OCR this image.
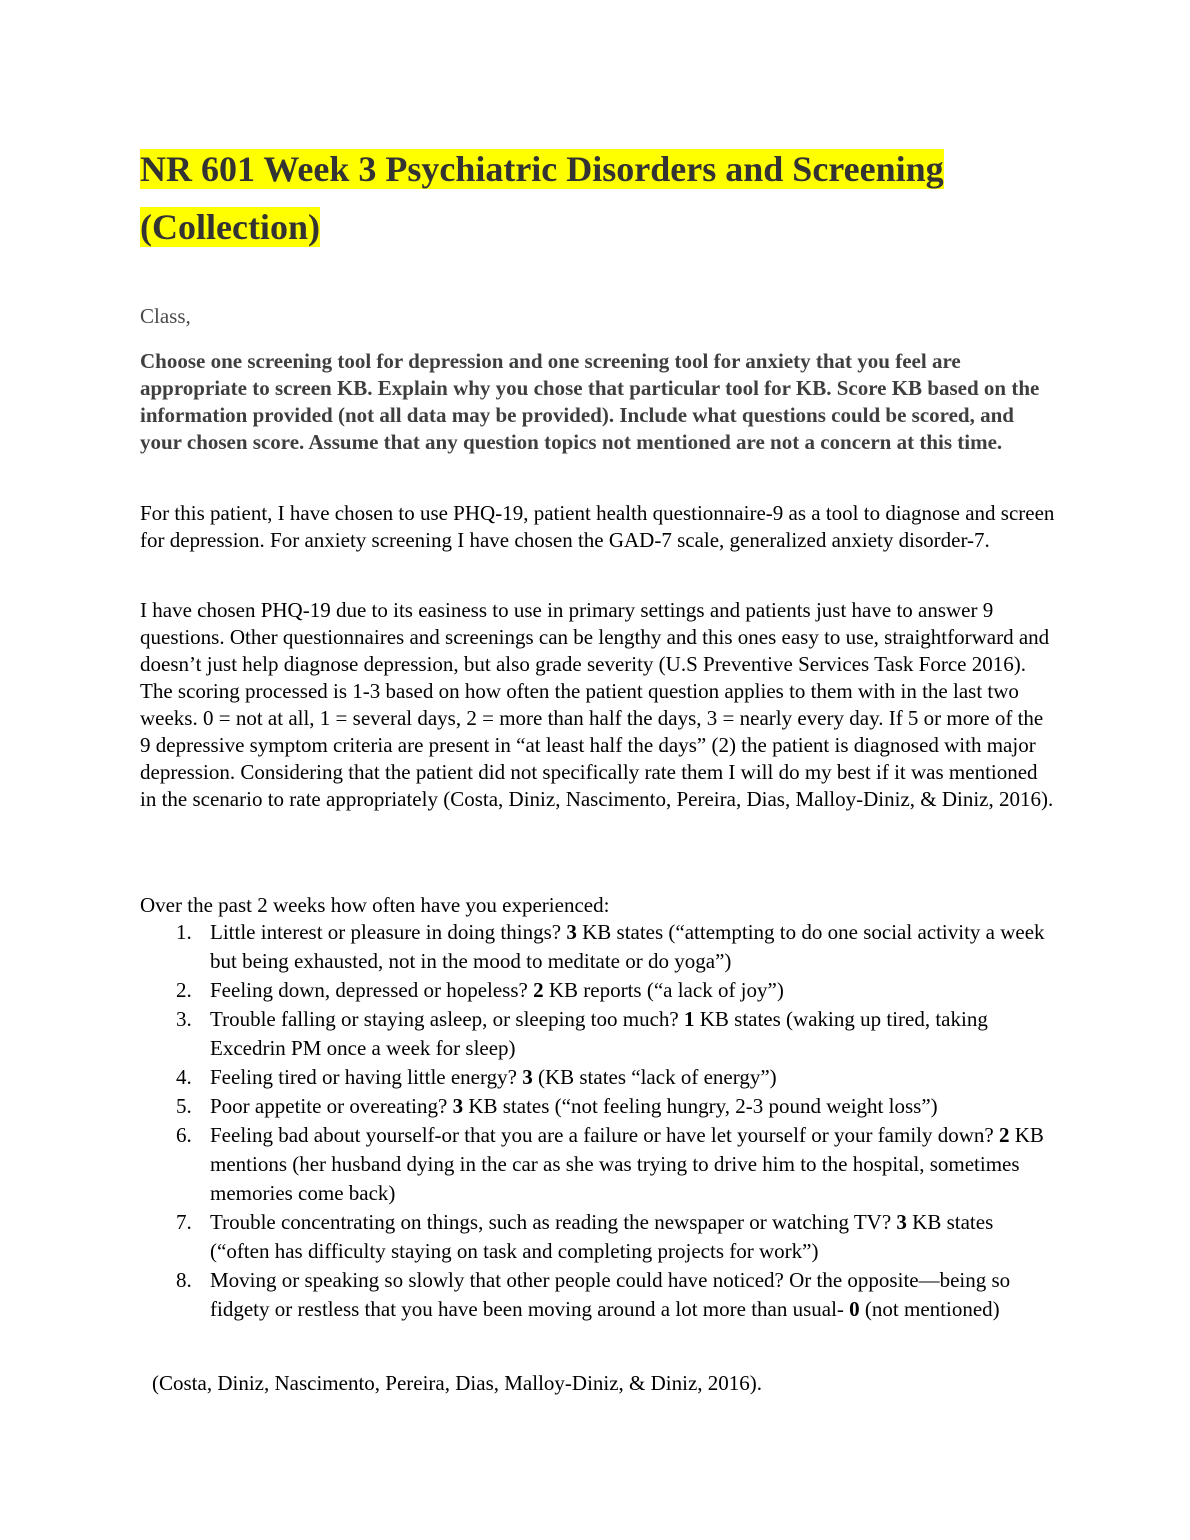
NR 601 Week 3 Psychiatric Disorders and Screening (Collection)
Class,

Choose one screening tool for depression and one screening tool for anxiety that you feel are appropriate to screen KB. Explain why you chose that particular tool for KB. Score KB based on the information provided (not all data may be provided). Include what questions could be scored, and your chosen score. Assume that any question topics not mentioned are not a concern at this time.

For this patient, I have chosen to use PHQ-19, patient health questionnaire-9 as a tool to diagnose and screen for depression. For anxiety screening I have chosen the GAD-7 scale, generalized anxiety disorder-7.

I have chosen PHQ-19 due to its easiness to use in primary settings and patients just have to answer 9 questions. Other questionnaires and screenings can be lengthy and this ones easy to use, straightforward and doesn’t just help diagnose depression, but also grade severity (U.S Preventive Services Task Force 2016). The scoring processed is 1-3 based on how often the patient question applies to them with in the last two weeks. 0 = not at all, 1 = several days, 2 = more than half the days, 3 = nearly every day. If 5 or more of the 9 depressive symptom criteria are present in “at least half the days” (2) the patient is diagnosed with major depression. Considering that the patient did not specifically rate them I will do my best if it was mentioned in the scenario to rate appropriately (Costa, Diniz, Nascimento, Pereira, Dias, Malloy-Diniz, & Diniz, 2016).

Over the past 2 weeks how often have you experienced:
1. Little interest or pleasure in doing things? 3 KB states (“attempting to do one social activity a week but being exhausted, not in the mood to meditate or do yoga”)
2. Feeling down, depressed or hopeless? 2 KB reports (“a lack of joy”)
3. Trouble falling or staying asleep, or sleeping too much? 1 KB states (waking up tired, taking Excedrin PM once a week for sleep)
4. Feeling tired or having little energy? 3 (KB states “lack of energy”)
5. Poor appetite or overeating? 3 KB states (“not feeling hungry, 2-3 pound weight loss”)
6. Feeling bad about yourself-or that you are a failure or have let yourself or your family down? 2 KB mentions (her husband dying in the car as she was trying to drive him to the hospital, sometimes memories come back)
7. Trouble concentrating on things, such as reading the newspaper or watching TV? 3 KB states (“often has difficulty staying on task and completing projects for work”)
8. Moving or speaking so slowly that other people could have noticed? Or the opposite—being so fidgety or restless that you have been moving around a lot more than usual- 0 (not mentioned)
(Costa, Diniz, Nascimento, Pereira, Dias, Malloy-Diniz, & Diniz, 2016).
